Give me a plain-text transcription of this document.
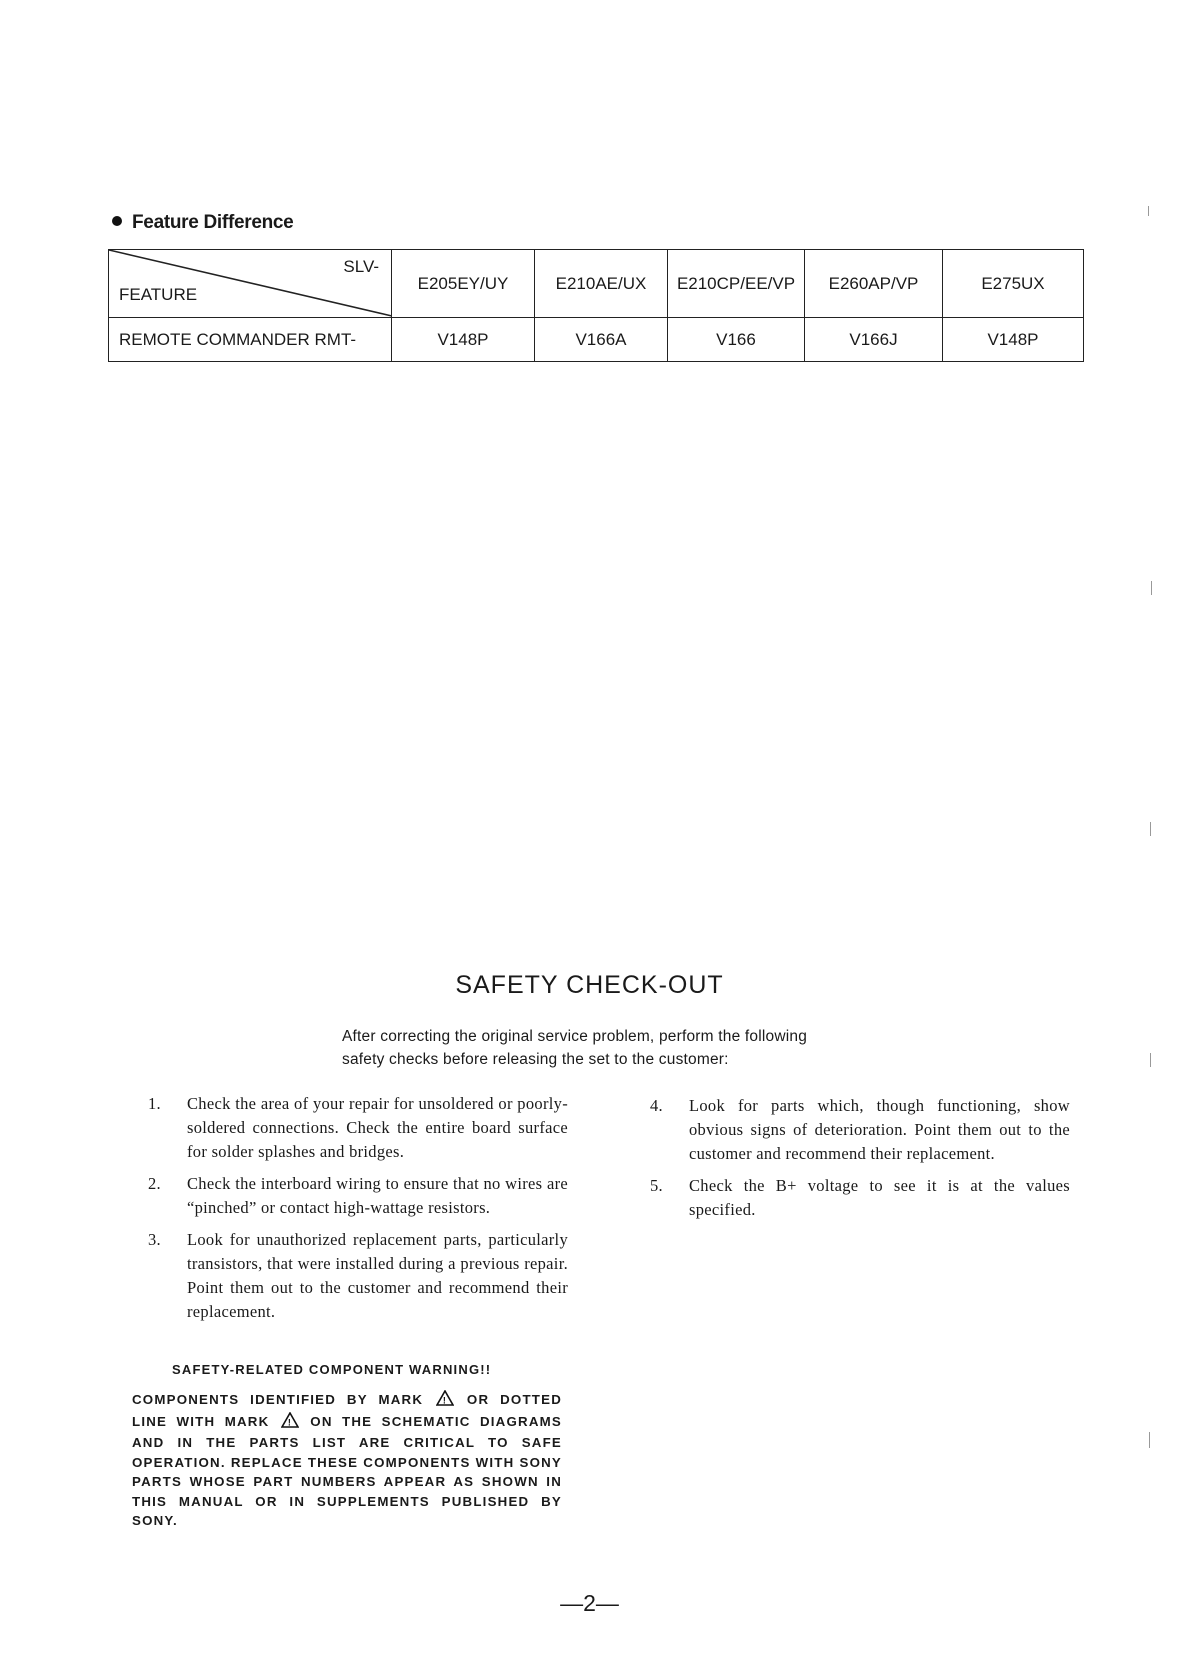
Feature Difference
SLV-
FEATURE	E205EY/UY	E210AE/UX	E210CP/EE/VP	E260AP/VP	E275UX
REMOTE COMMANDER RMT-	V148P	V166A	V166	V166J	V148P
SAFETY CHECK-OUT
After correcting the original service problem, perform the following
safety checks before releasing the set to the customer:
1. Check the area of your repair for unsoldered or poorly-soldered connections. Check the entire board surface for solder splashes and bridges.
2. Check the interboard wiring to ensure that no wires are “pinched” or contact high-wattage resistors.
3. Look for unauthorized replacement parts, particularly transistors, that were installed during a previous repair. Point them out to the customer and recommend their replacement.
4. Look for parts which, though functioning, show obvious signs of deterioration. Point them out to the customer and recommend their replacement.
5. Check the B+ voltage to see it is at the values specified.
SAFETY-RELATED COMPONENT WARNING!!
COMPONENTS IDENTIFIED BY MARK ! OR DOTTED LINE WITH MARK ! ON THE SCHEMATIC DIAGRAMS AND IN THE PARTS LIST ARE CRITICAL TO SAFE OPERATION. REPLACE THESE COMPONENTS WITH SONY PARTS WHOSE PART NUMBERS APPEAR AS SHOWN IN THIS MANUAL OR IN SUPPLEMENTS PUBLISHED BY SONY.
—2—
